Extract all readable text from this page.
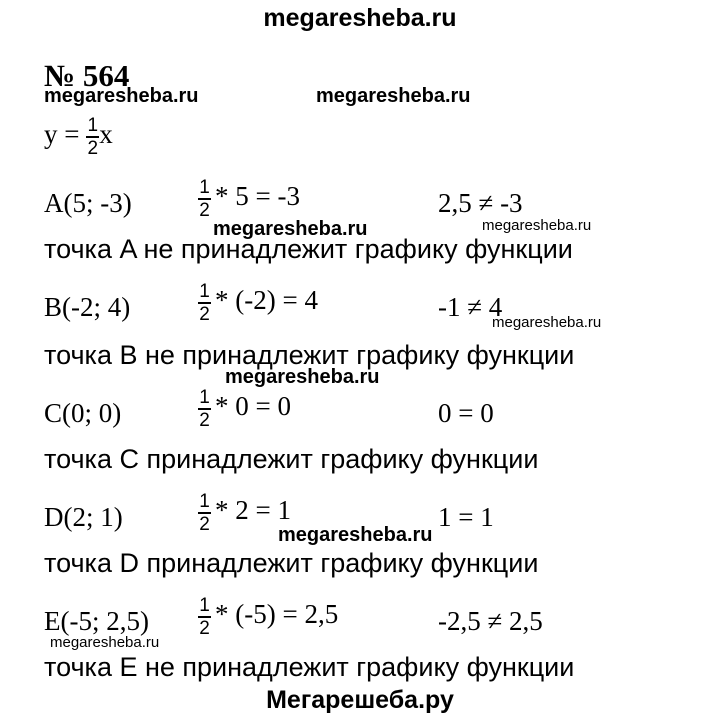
megaresheba.ru
megaresheba.ru	megaresheba.ru
megaresheba.ru	megaresheba.ru
megaresheba.ru
megaresheba.ru
megaresheba.ru
megaresheba.ru
Мегарешеба.ру
№ 564
$y = \frac{1}{2}$ x
A(5; -3)	$\frac{1}{2} * 5 = -3$	2,5 ≠ -3
точка A не принадлежит графику функции
B(-2; 4)	$\frac{1}{2} * (-2) = 4$	-1 ≠ 4
точка B не принадлежит графику функции
C(0; 0)	$\frac{1}{2} * 0 = 0$	0 = 0
точка C принадлежит графику функции
D(2; 1)	$\frac{1}{2} * 2 = 1$	1 = 1
точка D принадлежит графику функции
E(-5; 2,5)	$\frac{1}{2} * (-5) = 2,5$	-2,5 ≠ 2,5
точка E не принадлежит графику функции
